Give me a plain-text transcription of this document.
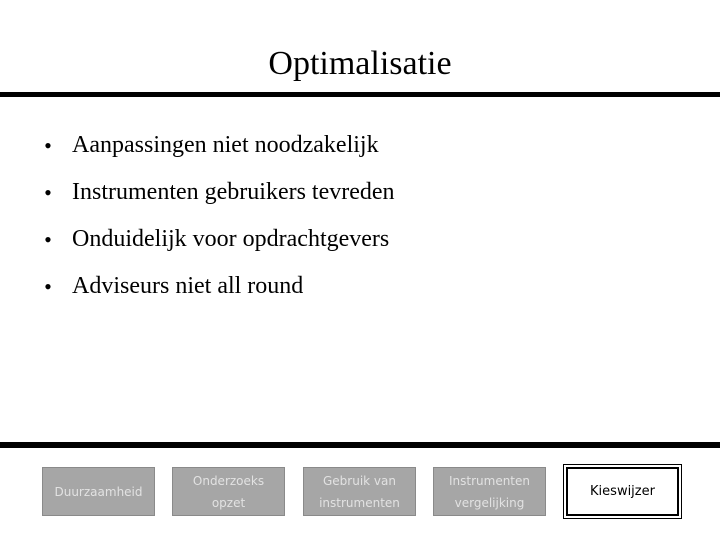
Optimalisatie
• Aanpassingen niet noodzakelijk
• Instrumenten gebruikers tevreden
• Onduidelijk voor opdrachtgevers
• Adviseurs niet all round
Duurzaamheid
Onderzoeks
opzet
Gebruik van
instrumenten
Instrumenten
vergelijking
Kieswijzer
